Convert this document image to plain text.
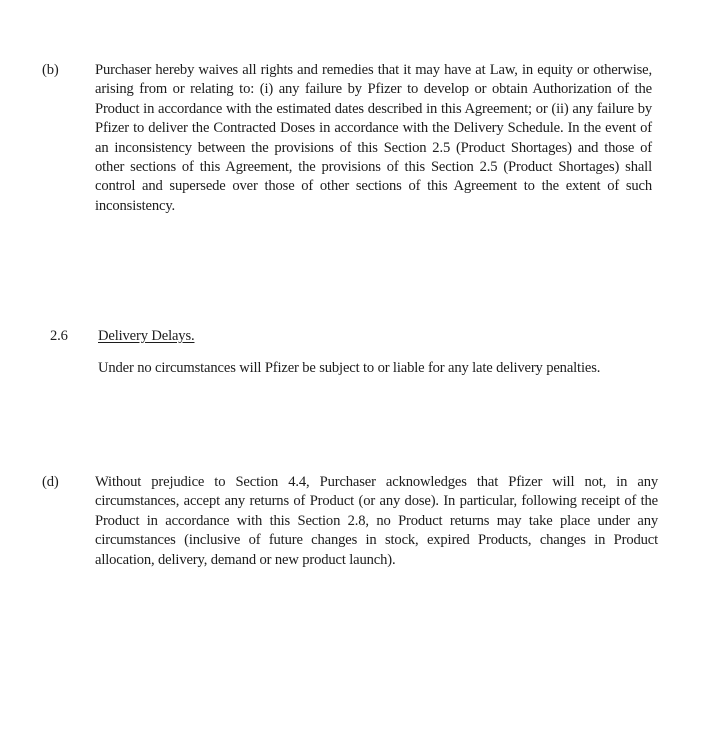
(b) Purchaser hereby waives all rights and remedies that it may have at Law, in equity or otherwise, arising from or relating to: (i) any failure by Pfizer to develop or obtain Authorization of the Product in accordance with the estimated dates described in this Agreement; or (ii) any failure by Pfizer to deliver the Contracted Doses in accordance with the Delivery Schedule. In the event of an inconsistency between the provisions of this Section 2.5 (Product Shortages) and those of other sections of this Agreement, the provisions of this Section 2.5 (Product Shortages) shall control and supersede over those of other sections of this Agreement to the extent of such inconsistency.
2.6 Delivery Delays.
Under no circumstances will Pfizer be subject to or liable for any late delivery penalties.
(d) Without prejudice to Section 4.4, Purchaser acknowledges that Pfizer will not, in any circumstances, accept any returns of Product (or any dose). In particular, following receipt of the Product in accordance with this Section 2.8, no Product returns may take place under any circumstances (inclusive of future changes in stock, expired Products, changes in Product allocation, delivery, demand or new product launch).
